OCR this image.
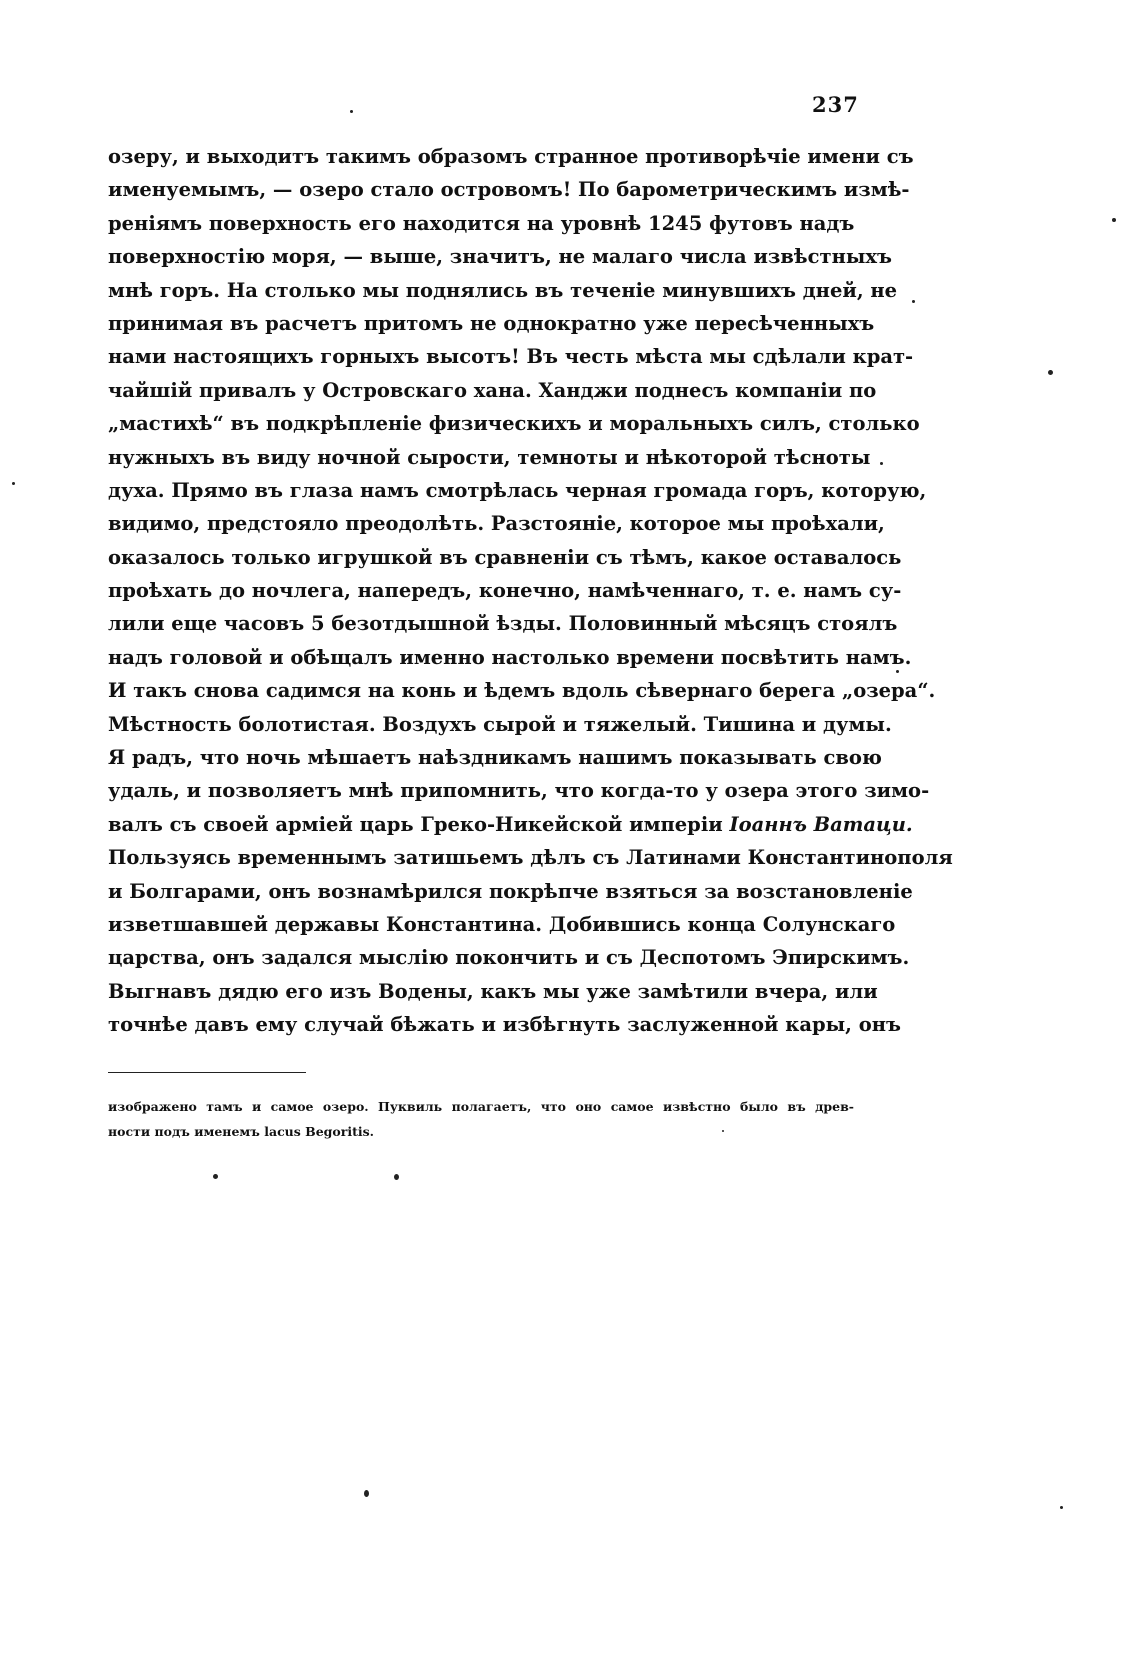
237
озеру, и выходитъ такимъ образомъ странное противорѣчіе имени съ
именуемымъ, — озеро стало островомъ! По барометрическимъ измѣ-
реніямъ поверхность его находится на уровнѣ 1245 футовъ надъ
поверхностію моря, — выше, значитъ, не малаго числа извѣстныхъ
мнѣ горъ. На столько мы поднялись въ теченіе минувшихъ дней, не
принимая въ расчетъ притомъ не однократно уже пересѣченныхъ
нами настоящихъ горныхъ высотъ! Въ честь мѣста мы сдѣлали крат-
чайшій привалъ у Островскаго хана. Ханджи поднесъ компаніи по
„мастихѣ“ въ подкрѣпленіе физическихъ и моральныхъ силъ, столько
нужныхъ въ виду ночной сырости, темноты и нѣкоторой тѣсноты
духа. Прямо въ глаза намъ смотрѣлась черная громада горъ, которую,
видимо, предстояло преодолѣть. Разстояніе, которое мы проѣхали,
оказалось только игрушкой въ сравненіи съ тѣмъ, какое оставалось
проѣхать до ночлега, напередъ, конечно, намѣченнаго, т. е. намъ су-
лили еще часовъ 5 безотдышной ѣзды. Половинный мѣсяцъ стоялъ
надъ головой и обѣщалъ именно настолько времени посвѣтить намъ.
И такъ снова садимся на конь и ѣдемъ вдоль сѣвернаго берега „озера“.
Мѣстность болотистая. Воздухъ сырой и тяжелый. Тишина и думы.
Я радъ, что ночь мѣшаетъ наѣздникамъ нашимъ показывать свою
удаль, и позволяетъ мнѣ припомнить, что когда-то у озера этого зимо-
валъ съ своей арміей царь Греко-Никейской имперіи Іоаннъ Ватаци.
Пользуясь временнымъ затишьемъ дѣлъ съ Латинами Константинополя
и Болгарами, онъ вознамѣрился покрѣпче взяться за возстановленіе
изветшавшей державы Константина. Добившись конца Солунскаго
царства, онъ задался мыслію покончить и съ Деспотомъ Эпирскимъ.
Выгнавъ дядю его изъ Водены, какъ мы уже замѣтили вчера, или
точнѣе давъ ему случай бѣжать и избѣгнуть заслуженной кары, онъ
изображено тамъ и самое озеро. Пуквиль полагаетъ, что оно самое извѣстно было въ древ-
ности подъ именемъ lacus Begoritis.
